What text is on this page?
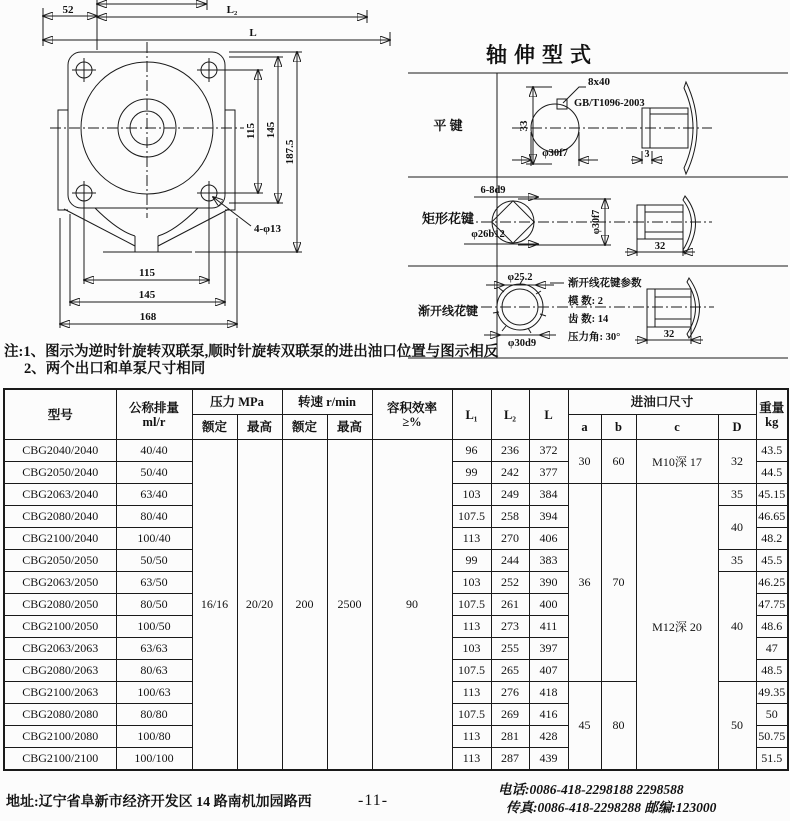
52	L₂
L
4-φ13
115
145
168
115 145
187.5
轴伸型式
平 键
矩形花键
渐开线花键
33
φ30f7
8x40
GB/T1096-2003
3
6-8d9
φ26b12
φ30f7
32
φ25.2
φ30d9
渐开线花键参数
模 数: 2
齿 数: 14
压力角: 30°	32
注:1、图示为逆时针旋转双联泵,顺时针旋转双联泵的进出油口位置与图示相反
2、两个出口和单泵尺寸相同
型号	公称排量
ml/r
	压力 MPa	转速 r/min	容积效率
≥%	L₁	L₂	L	进油口尺寸	重量
kg

		额定	最高	额定	最高					a	b	c	D	
CBG2040/2040	40/40	16/16	20/20	200	2500	90	96	236	372	30	60	M10深 17	32	43.5
CBG2050/2040	50/40						99	242	377					44.5
CBG2063/2040	63/40						103	249	384	36	70	M12深 20	35	45.15
CBG2080/2040	80/40						107.5	258	394				40	46.65
CBG2100/2040	100/40						113	270	406					48.2
CBG2050/2050	50/50						99	244	383				35	45.5
CBG2063/2050	63/50						103	252	390				40	46.25
CBG2080/2050	80/50						107.5	261	400					47.75
CBG2100/2050	100/50						113	273	411					48.6
CBG2063/2063	63/63						103	255	397					47
CBG2080/2063	80/63						107.5	265	407					48.5
CBG2100/2063	100/63						113	276	418	45	80		50	49.35
CBG2080/2080	80/80						107.5	269	416					50
CBG2100/2080	100/80						113	281	428					50.75
CBG2100/2100	100/100						113	287	439					51.5
地址:辽宁省阜新市经济开发区 14 路南机加园路西	-11-
电话:0086-418-2298188 2298588
传真:0086-418-2298288 邮编:123000
